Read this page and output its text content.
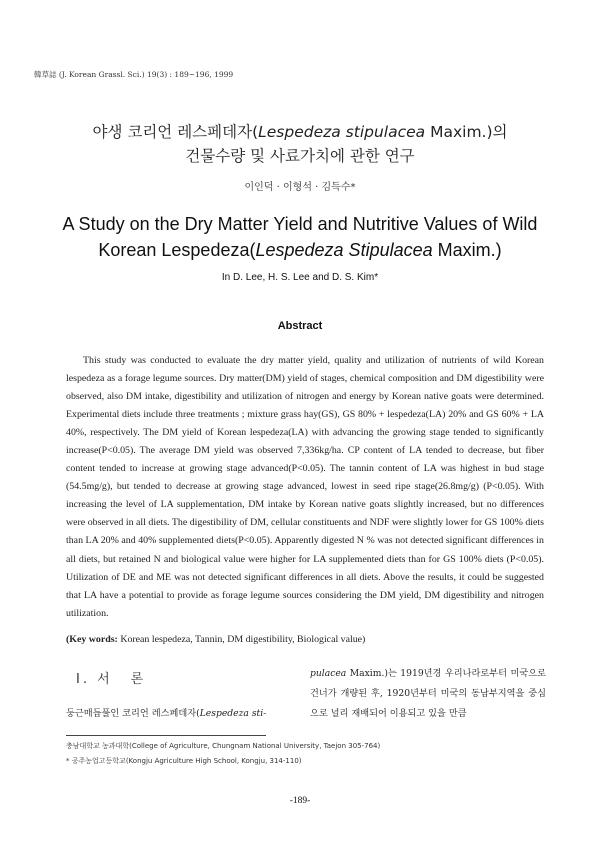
韓草誌 (J. Korean Grassl. Sci.) 19(3) : 189~196, 1999
야생 코리언 레스페데자(Lespedeza stipulacea Maxim.)의
건물수량 및 사료가치에 관한 연구
이인덕 · 이형석 · 김득수*
A Study on the Dry Matter Yield and Nutritive Values of Wild
Korean Lespedeza(Lespedeza Stipulacea Maxim.)
In D. Lee, H. S. Lee and D. S. Kim*
Abstract
This study was conducted to evaluate the dry matter yield, quality and utilization of nutrients of wild Korean lespedeza as a forage legume sources. Dry matter(DM) yield of stages, chemical composition and DM digestibility were observed, also DM intake, digestibility and utilization of nitrogen and energy by Korean native goats were determined. Experimental diets include three treatments ; mixture grass hay(GS), GS 80% + lespedeza(LA) 20% and GS 60% + LA 40%, respectively. The DM yield of Korean lespedeza(LA) with advancing the growing stage tended to significantly increase(P<0.05). The average DM yield was observed 7,336kg/ha. CP content of LA tended to decrease, but fiber content tended to increase at growing stage advanced(P<0.05). The tannin content of LA was highest in bud stage (54.5mg/g), but tended to decrease at growing stage advanced, lowest in seed ripe stage(26.8mg/g) (P<0.05). With increasing the level of LA supplementation, DM intake by Korean native goats slightly increased, but no differences were observed in all diets. The digestibility of DM, cellular constituents and NDF were slightly lower for GS 100% diets than LA 20% and 40% supplemented diets(P<0.05). Apparently digested N % was not detected significant differences in all diets, but retained N and biological value were higher for LA supplemented diets than for GS 100% diets (P<0.05). Utilization of DE and ME was not detected significant differences in all diets. Above the results, it could be suggested that LA have a potential to provide as forage legume sources considering the DM yield, DM digestibility and nitrogen utilization.
(Key words: Korean lespedeza, Tannin, DM digestibility, Biological value)
Ⅰ. 서 론
둥근매듭풀인 코리언 레스페데자(Lespedeza sti-
pulacea Maxim.)는 1919년경 우리나라로부터 미국으로 건너가 개량된 후, 1920년부터 미국의 동남부지역을 중심으로 널리 재배되어 이용되고 있을 만큼
충남대학교 농과대학(College of Agriculture, Chungnam National University, Taejon 305-764)
* 공주농업고등학교(Kongju Agriculture High School, Kongju, 314-110)
-189-
